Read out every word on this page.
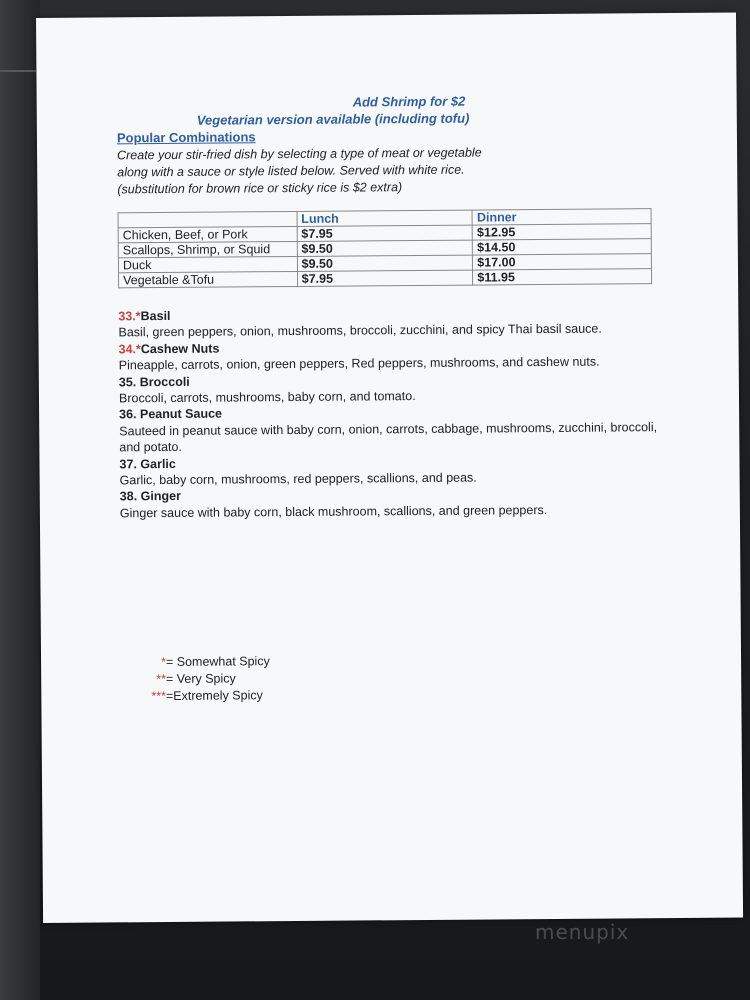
Add Shrimp for $2
Vegetarian version available (including tofu)
Popular Combinations
Create your stir-fried dish by selecting a type of meat or vegetable
along with a sauce or style listed below. Served with white rice.
(substitution for brown rice or sticky rice is $2 extra)
	Lunch	Dinner
Chicken, Beef, or Pork	$7.95	$12.95
Scallops, Shrimp, or Squid	$9.50	$14.50
Duck	$9.50	$17.00
Vegetable &Tofu	$7.95	$11.95
33.*Basil
Basil, green peppers, onion, mushrooms, broccoli, zucchini, and spicy Thai basil sauce.
34.*Cashew Nuts
Pineapple, carrots, onion, green peppers, Red peppers, mushrooms, and cashew nuts.
35. Broccoli
Broccoli, carrots, mushrooms, baby corn, and tomato.
36. Peanut Sauce
Sauteed in peanut sauce with baby corn, onion, carrots, cabbage, mushrooms, zucchini, broccoli, and potato.
37. Garlic
Garlic, baby corn, mushrooms, red peppers, scallions, and peas.
38. Ginger
Ginger sauce with baby corn, black mushroom, scallions, and green peppers.
*= Somewhat Spicy
**= Very Spicy
***=Extremely Spicy
menupix
